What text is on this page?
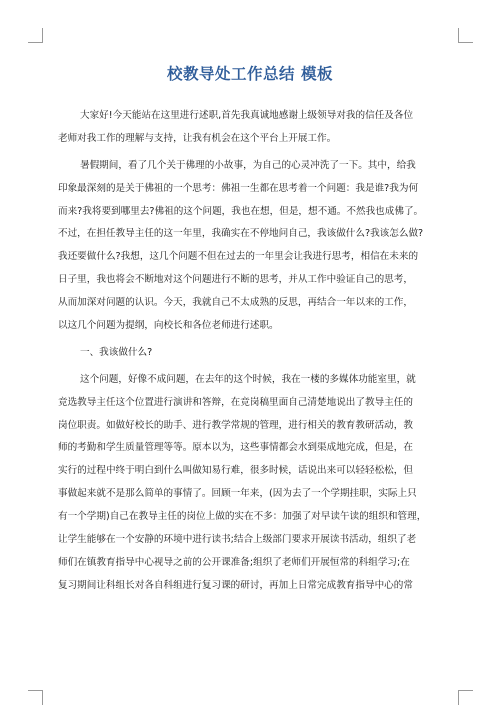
校教导处工作总结 模板
大家好!今天能站在这里进行述职,首先我真诚地感谢上级领导对我的信任及各位
老师对我工作的理解与支持，让我有机会在这个平台上开展工作。
暑假期间，看了几个关于佛理的小故事，为自己的心灵冲洗了一下。其中，给我
印象最深刻的是关于佛祖的一个思考：佛祖一生都在思考着一个问题：我是谁?我为何
而来?我将要到哪里去?佛祖的这个问题，我也在想，但是，想不通。不然我也成佛了。
不过，在担任教导主任的这一年里，我确实在不停地问自己，我该做什么?我该怎么做?
我还要做什么?我想，这几个问题不但在过去的一年里会让我进行思考，相信在未来的
日子里，我也将会不断地对这个问题进行不断的思考，并从工作中验证自己的思考，
从而加深对问题的认识。今天，我就自己不太成熟的反思，再结合一年以来的工作，
以这几个问题为提纲，向校长和各位老师进行述职。
一、我该做什么?
这个问题，好像不成问题，在去年的这个时候，我在一楼的多媒体功能室里，就
竞选教导主任这个位置进行演讲和答辩，在竞岗稿里面自己清楚地说出了教导主任的
岗位职责。如做好校长的助手、进行教学常规的管理，进行相关的教育教研活动，教
师的考勤和学生质量管理等等。原本以为，这些事情都会水到渠成地完成，但是，在
实行的过程中终于明白到什么叫做知易行难，很多时候，话说出来可以轻轻松松，但
事做起来就不是那么简单的事情了。回顾一年来，(因为去了一个学期挂职，实际上只
有一个学期)自己在教导主任的岗位上做的实在不多：加强了对早读午读的组织和管理，
让学生能够在一个安静的环境中进行读书;结合上级部门要求开展读书活动，组织了老
师们在镇教育指导中心视导之前的公开课准备;组织了老师们开展恒常的科组学习;在
复习期间让科组长对各自科组进行复习课的研讨，再加上日常完成教育指导中心的常
